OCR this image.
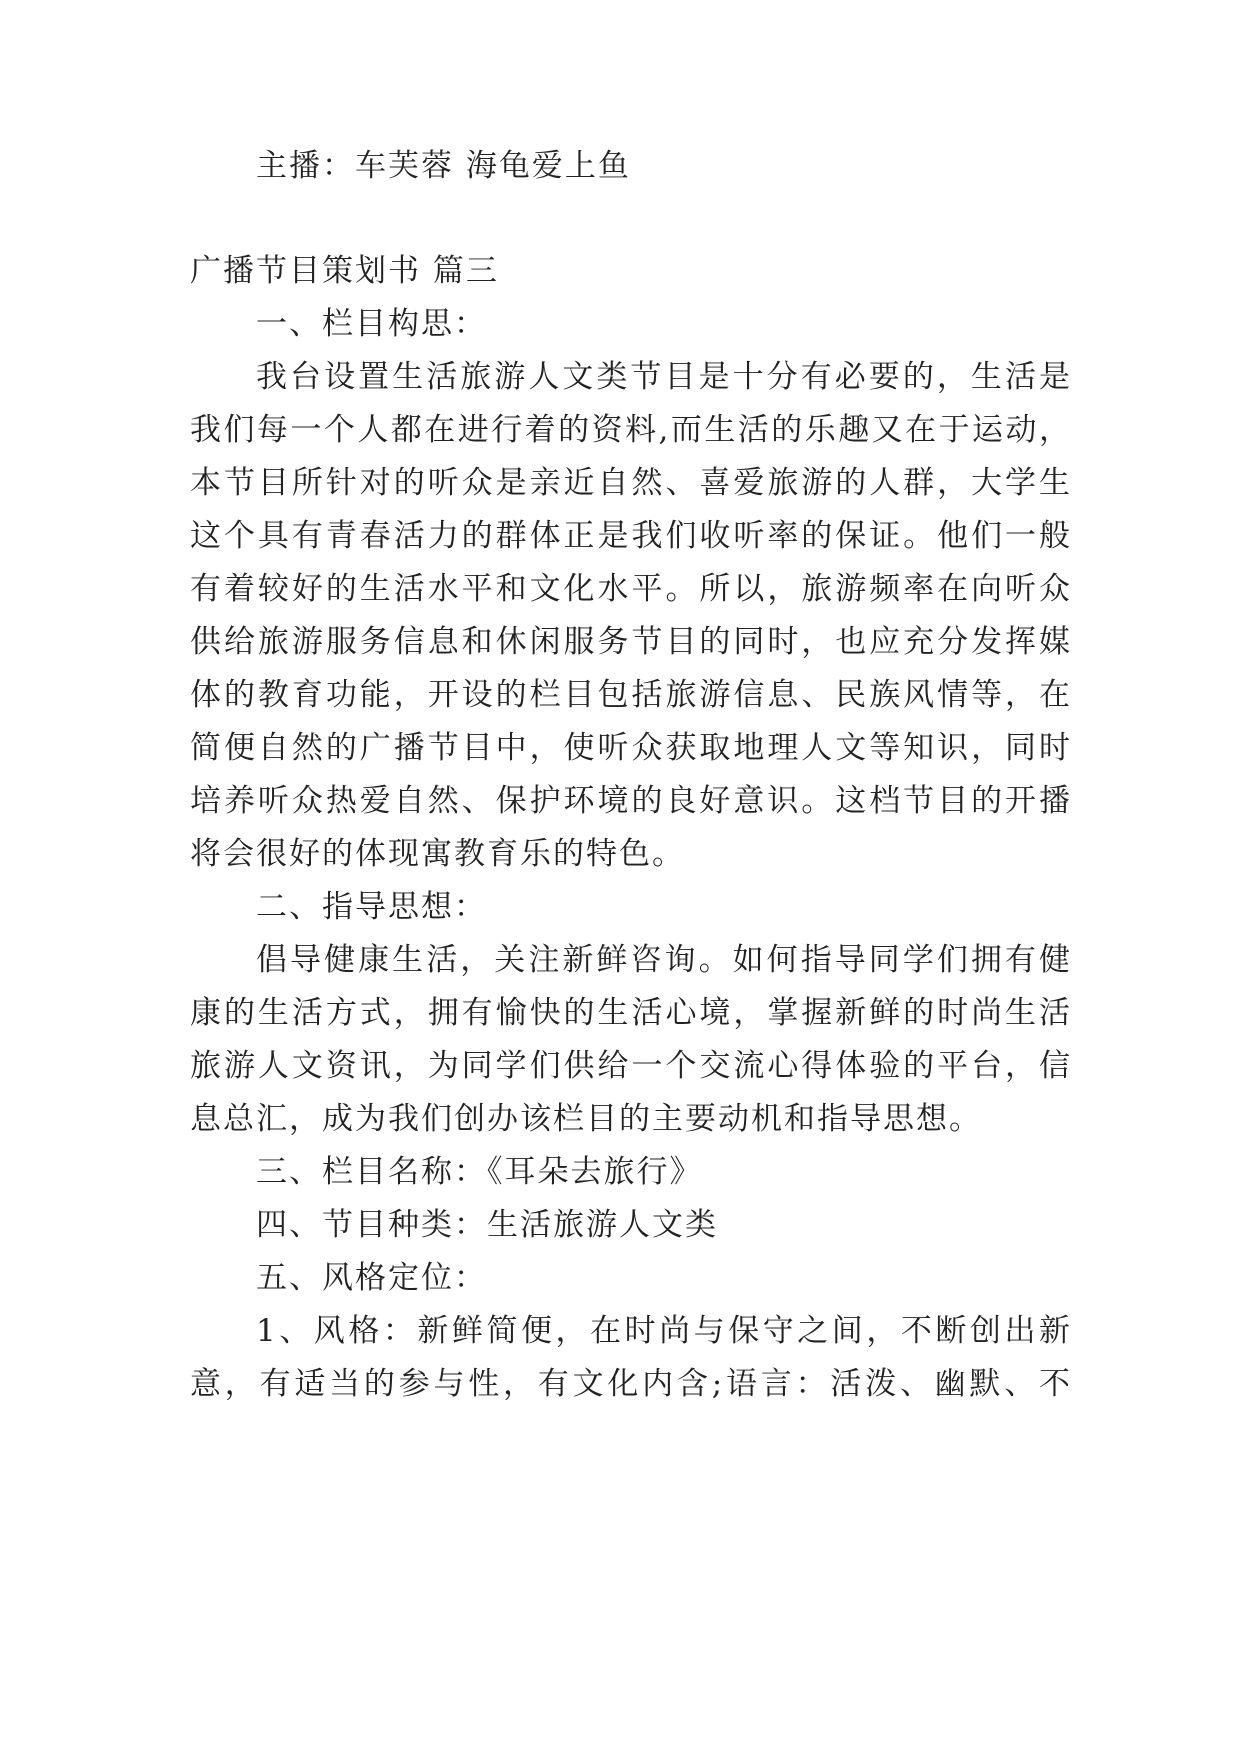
主播：车芙蓉 海龟爱上鱼
广播节目策划书 篇三
一、栏目构思：
我台设置生活旅游人文类节目是十分有必要的，生活是
我们每一个人都在进行着的资料,而生活的乐趣又在于运动，
本节目所针对的听众是亲近自然、喜爱旅游的人群，大学生
这个具有青春活力的群体正是我们收听率的保证。他们一般
有着较好的生活水平和文化水平。所以，旅游频率在向听众
供给旅游服务信息和休闲服务节目的同时，也应充分发挥媒
体的教育功能，开设的栏目包括旅游信息、民族风情等，在
简便自然的广播节目中，使听众获取地理人文等知识，同时
培养听众热爱自然、保护环境的良好意识。这档节目的开播
将会很好的体现寓教育乐的特色。
二、指导思想：
倡导健康生活，关注新鲜咨询。如何指导同学们拥有健
康的生活方式，拥有愉快的生活心境，掌握新鲜的时尚生活
旅游人文资讯，为同学们供给一个交流心得体验的平台，信
息总汇，成为我们创办该栏目的主要动机和指导思想。
三、栏目名称：《耳朵去旅行》
四、节目种类：生活旅游人文类
五、风格定位：
1、风格：新鲜简便，在时尚与保守之间，不断创出新
意，有适当的参与性，有文化内含;语言：活泼、幽默、不
